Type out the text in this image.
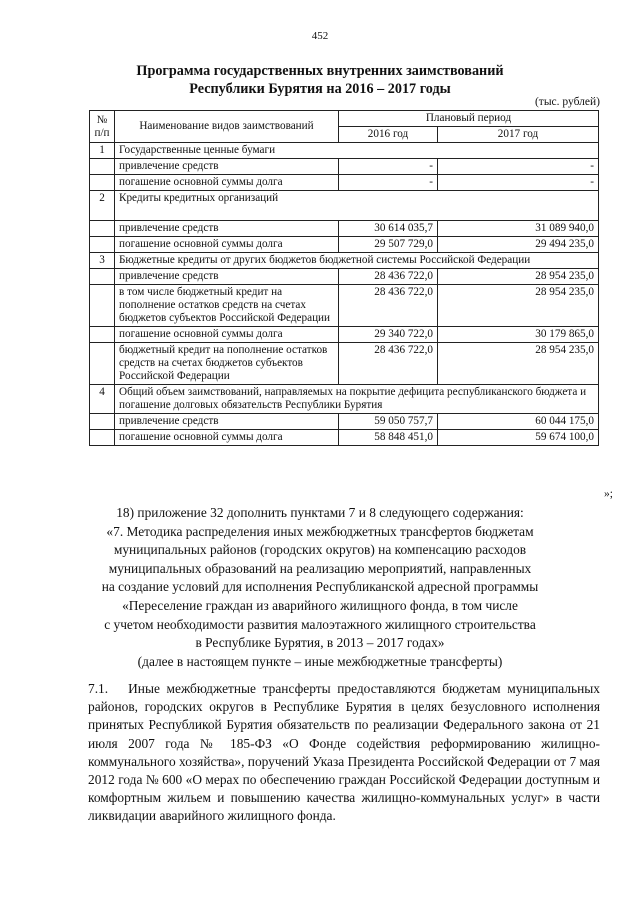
452
Программа государственных внутренних заимствований
Республики Бурятия на 2016 – 2017 годы
(тыс. рублей)
№ п/п	Наименование видов заимствований	Плановый период	
		2016 год	2017 год
1	Государственные ценные бумаги		
	привлечение средств	-	-
	погашение основной суммы долга	-	-
2	Кредиты кредитных организаций		
	привлечение средств	30 614 035,7	31 089 940,0
	погашение основной суммы долга	29 507 729,0	29 494 235,0
3	Бюджетные кредиты от других бюджетов бюджетной системы Российской Федерации		
	привлечение средств	28 436 722,0	28 954 235,0
	в том числе бюджетный кредит на пополнение остатков средств на счетах бюджетов субъектов Российской Федерации	28 436 722,0	28 954 235,0
	погашение основной суммы долга	29 340 722,0	30 179 865,0
	бюджетный кредит на пополнение остатков средств на счетах бюджетов субъектов Российской Федерации	28 436 722,0	28 954 235,0
4	Общий объем заимствований, направляемых на покрытие дефицита республиканского бюджета и погашение долговых обязательств Республики Бурятия		
	привлечение средств	59 050 757,7	60 044 175,0
	погашение основной суммы долга	58 848 451,0	59 674 100,0
»;

18) приложение 32 дополнить пунктами 7 и 8 следующего содержания:

«7. Методика распределения иных межбюджетных трансфертов бюджетам

муниципальных районов (городских округов) на компенсацию расходов

муниципальных образований на реализацию мероприятий, направленных

на создание условий для исполнения Республиканской адресной программы

«Переселение граждан из аварийного жилищного фонда, в том числе

с учетом необходимости развития малоэтажного жилищного строительства

в Республике Бурятия, в 2013 – 2017 годах»

(далее в настоящем пункте – иные межбюджетные трансферты)

7.1.   Иные межбюджетные трансферты предоставляются бюджетам муниципальных районов, городских округов в Республике Бурятия в целях безусловного исполнения принятых Республикой Бурятия обязательств по реализации Федерального закона от 21 июля 2007 года № 185-ФЗ «О Фонде содействия реформированию жилищно-коммунального хозяйства», поручений Указа Президента Российской Федерации от 7 мая 2012 года № 600 «О мерах по обеспечению граждан Российской Федерации доступным и комфортным жильем и повышению качества жилищно-коммунальных услуг» в части ликвидации аварийного жилищного фонда.
